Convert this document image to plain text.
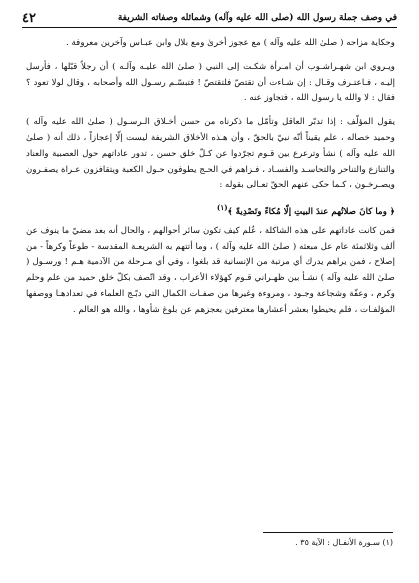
في وصف جملة رسول الله (صلى الله عليه وآله) وشمائله وصفاته الشريفة
٤٢

وحكاية مزاحه ( صلىٰ الله عليه وآله ) مع عجوز أخرىٰ ومع بلال وابن عبـاس وآخرين معروفة .

ويـروي ابن شهـراشـوب أن امـرأة شكـت إلى النبي ( صلىٰ الله عليـه وآلـه ) أن رجلاً قبّلها ، فأرسل إليـه ، فـاعتـرف وقـال : إن شـاءت أن تقتصّ فلتقتصّ ! فتبسّـم رسـول الله وأصحابه ، وقال لولا تعود ؟ فقال : لا والله يا رسول الله ، فتجاوز عنه .

يقول المؤلّف : إذا تدبّر العاقل وتأمّل ما ذكرناه من حسن أخـلاق الـرسـول ( صلىٰ الله عليه وآله ) وحميد خصاله ، علم يقيناً أنّه نبيّ بالحقّ ، وأن هـذه الأخلاق الشريفة ليست إلّا إعجازاً ، ذلك أنه ( صلىٰ الله عليه وآله ) نشأ وترعرع بين قـوم تجرّدوا عن كـلّ خلق حسن ، تدور عاداتهم حول العصبية والعناد والتنازع والتناحر والتحاسـد والفسـاد ، فـزاهم في الحـج يطوفون حـول الكعبة ويتقافزون عـراة يصفـرون ويصـرخـون ، كـما حكى عنهم الحقّ تعـالى بقوله :

﴿ وما كانَ صلاتُهم عندَ البيتِ إلّا مُكاءً وتَصْدِيةً ﴾$^{(١)}$

فمن كانت عاداتهم على هذه الشاكلة ، عُلم كيف تكون سائر أحوالهم ، والحال أنه بعد مضيّ ما ينوف عن ألف وثلاثمئة عام عل مبعثه ( صلىٰ الله عليه وآله ) ، وما أتتهم به الشريعـة المقدسة - طوعاً وكرهاً - من إصلاح ، فمن يراهم يدرك أي مرتبة من الإنسانية قد بلغوا ، وفي أي مـرحلة من الآدمية هـم ! ورسـول ( صلىٰ الله عليه وآله ) نشـأ بين ظهـراني قـوم كهؤلاء الأعراب ، وقد اتّصف بكلّ خلق حميد من علم وحلم وكرم ، وعفّة وشجاعة وجـود ، ومروءة وغيرها من صفـات الكمال التي دبّـج العلماء في تعدادهـا ووصفها المؤلفـات ، فلم يحيطوا بعشر أعشارها معترفين بعجزهم عن بلوغ شأوها ، والله هو العالم .

(١) سـورة الأنفـال : الآية ٣٥ .
